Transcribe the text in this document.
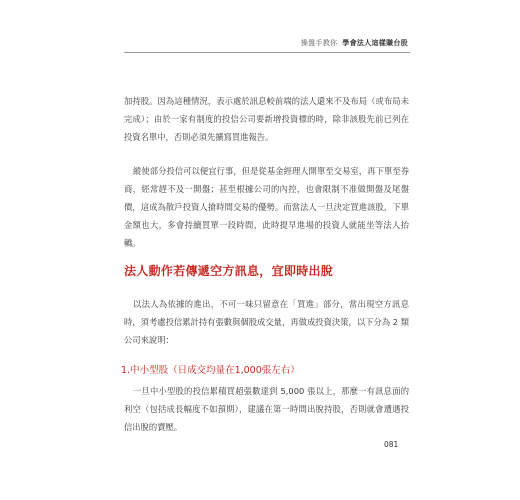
操盤手教你 學會法人這樣賺台股
加持股。因為這種情況，表示處於訊息較前端的法人還來不及布局（或布局未完成）；由於一家有制度的投信公司要新增投資標的時，除非該股先前已列在投資名單中，否則必須先擴寫買進報告。
縱使部分投信可以便宜行事，但是從基金經理人開單至交易室，再下單至券商，經常趕不及一開盤；甚至根據公司的內控，也會限制不准做開盤及尾盤價，這成為散戶投資人搶時間交易的優勢。而當法人一旦決定買進該股，下單金額也大，多會持續買單一段時間，此時提早進場的投資人就能坐等法人抬轎。
法人動作若傳遞空方訊息，宜即時出脫
以法人為依據的進出，不可一味只留意在「買進」部分，當出現空方訊息時，須考慮投信累計持有張數與個股成交量，再做成投資決策，以下分為 2 類公司來說明：
1.中小型股（日成交均量在1,000張左右）
一旦中小型股的投信累積買超張數達到 5,000 張以上，那麼一有訊息面的利空（包括成長幅度不如預期），建議在第一時間出脫持股，否則就會遭遇投信出脫的賣壓。
081
